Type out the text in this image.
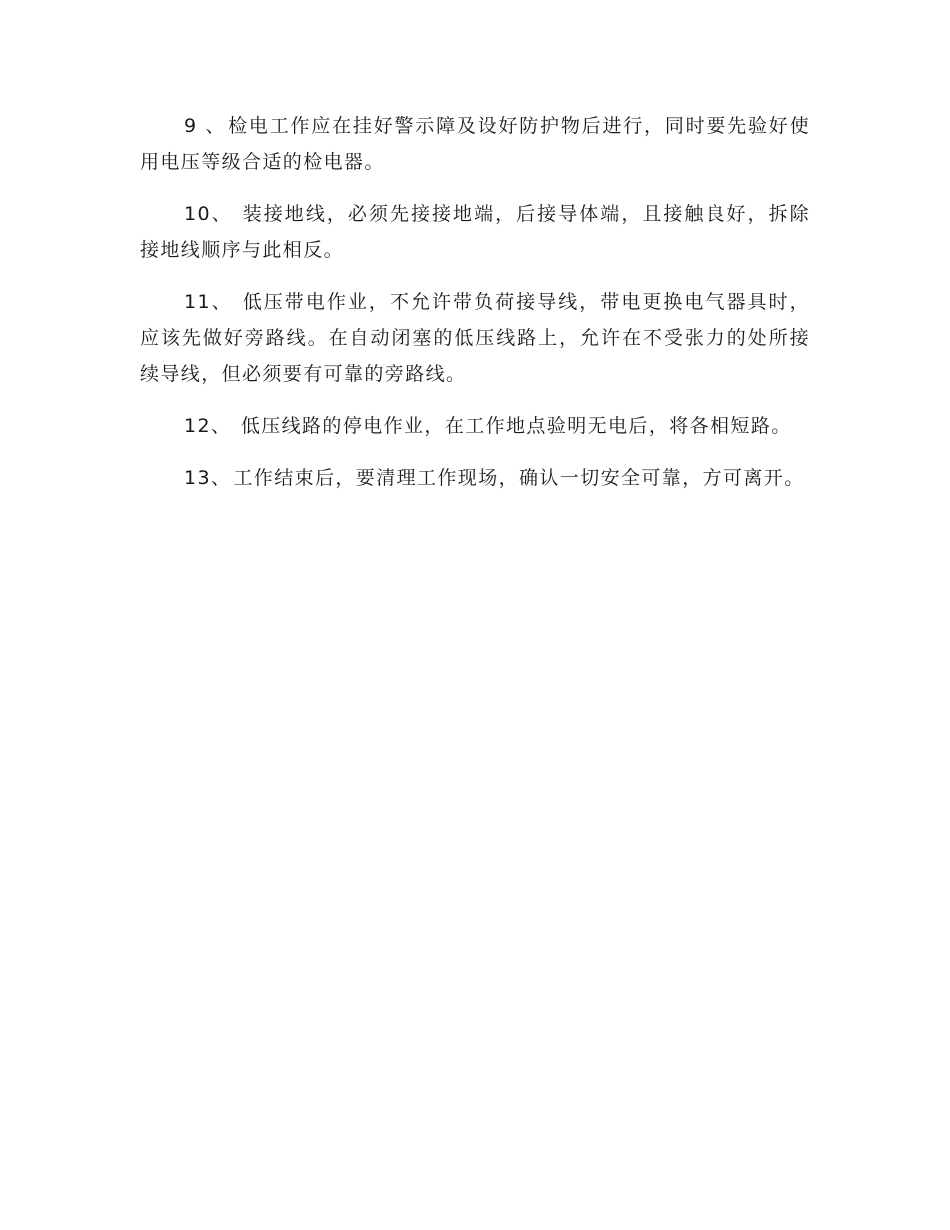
9 、 检电工作应在挂好警示障及设好防护物后进行，同时要先验好使用电压等级合适的检电器。

10、 装接地线，必须先接接地端，后接导体端，且接触良好，拆除接地线顺序与此相反。

11、 低压带电作业，不允许带负荷接导线，带电更换电气器具时，应该先做好旁路线。在自动闭塞的低压线路上，允许在不受张力的处所接续导线，但必须要有可靠的旁路线。

12、 低压线路的停电作业，在工作地点验明无电后，将各相短路。

13、 工作结束后，要清理工作现场，确认一切安全可靠，方可离开。
